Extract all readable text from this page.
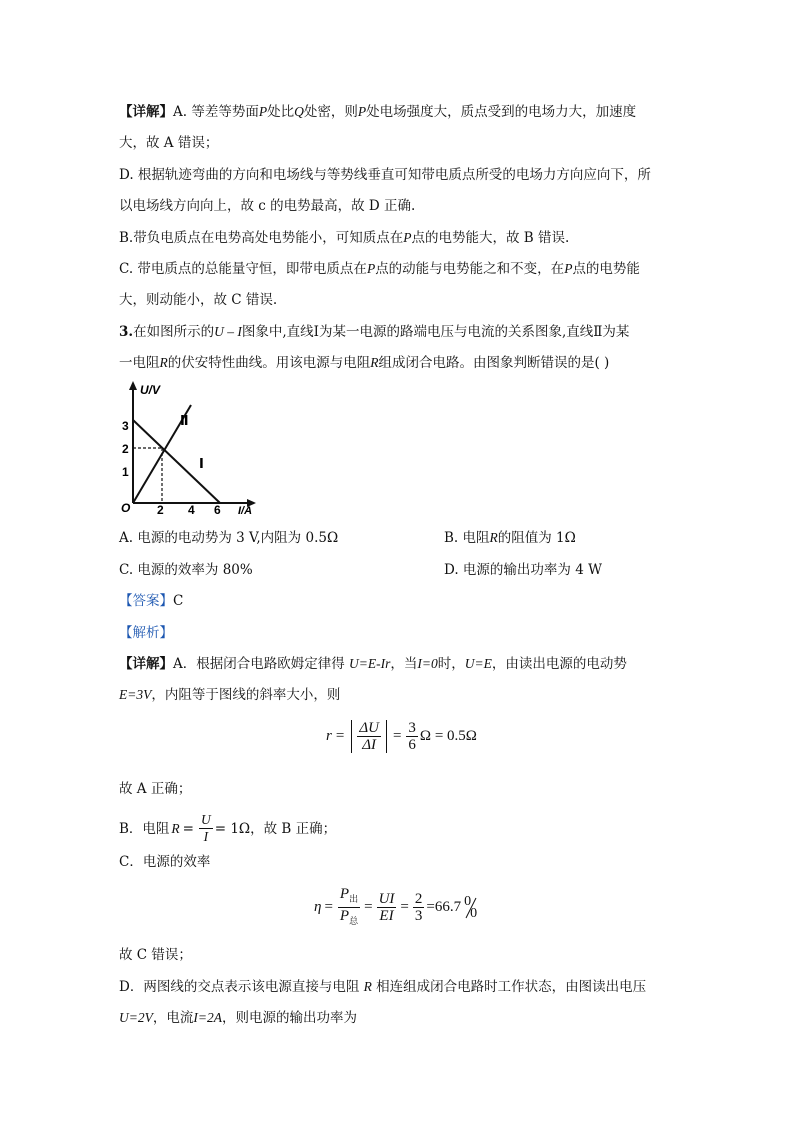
【详解】A. 等差等势面P处比Q处密，则P处电场强度大，质点受到的电场力大，加速度
大，故 A 错误；
D. 根据轨迹弯曲的方向和电场线与等势线垂直可知带电质点所受的电场力方向应向下，所
以电场线方向向上，故 c 的电势最高，故 D 正确.
B.带负电质点在电势高处电势能小，可知质点在P点的电势能大，故 B 错误.
C. 带电质点的总能量守恒，即带电质点在P点的动能与电势能之和不变，在P点的电势能
大，则动能小，故 C 错误.
3.在如图所示的U – I图象中,直线Ⅰ为某一电源的路端电压与电流的关系图象,直线Ⅱ为某
一电阻R的伏安特性曲线。用该电源与电阻R组成闭合电路。由图象判断错误的是( )
U/V
I/A
O
1
2
3
2 4 6
Ⅰ
Ⅱ
A. 电源的电动势为 3 V,内阻为 0.5Ω	B. 电阻R的阻值为 1Ω
C. 电源的效率为 80%	D. 电源的输出功率为 4 W
【答案】C
【解析】
【详解】A．根据闭合电路欧姆定律得 U=E-Ir，当I=0时，U=E，由读出电源的电动势
E=3V，内阻等于图线的斜率大小，则
$r = \frac{\Delta U}{\Delta I} = \frac{3}{6}$ Ω = 0.5Ω
故 A 正确；
B．电阻 $R = \frac{U}{I} = 1\Omega$，故 B 正确；
C．电源的效率
$\eta = \frac{P_出}{P_总} = \frac{UI}{EI} = \frac{2}{3} =66.7$ 0
0
故 C 错误；
D．两图线的交点表示该电源直接与电阻 R 相连组成闭合电路时工作状态，由图读出电压
U=2V，电流I=2A，则电源的输出功率为
